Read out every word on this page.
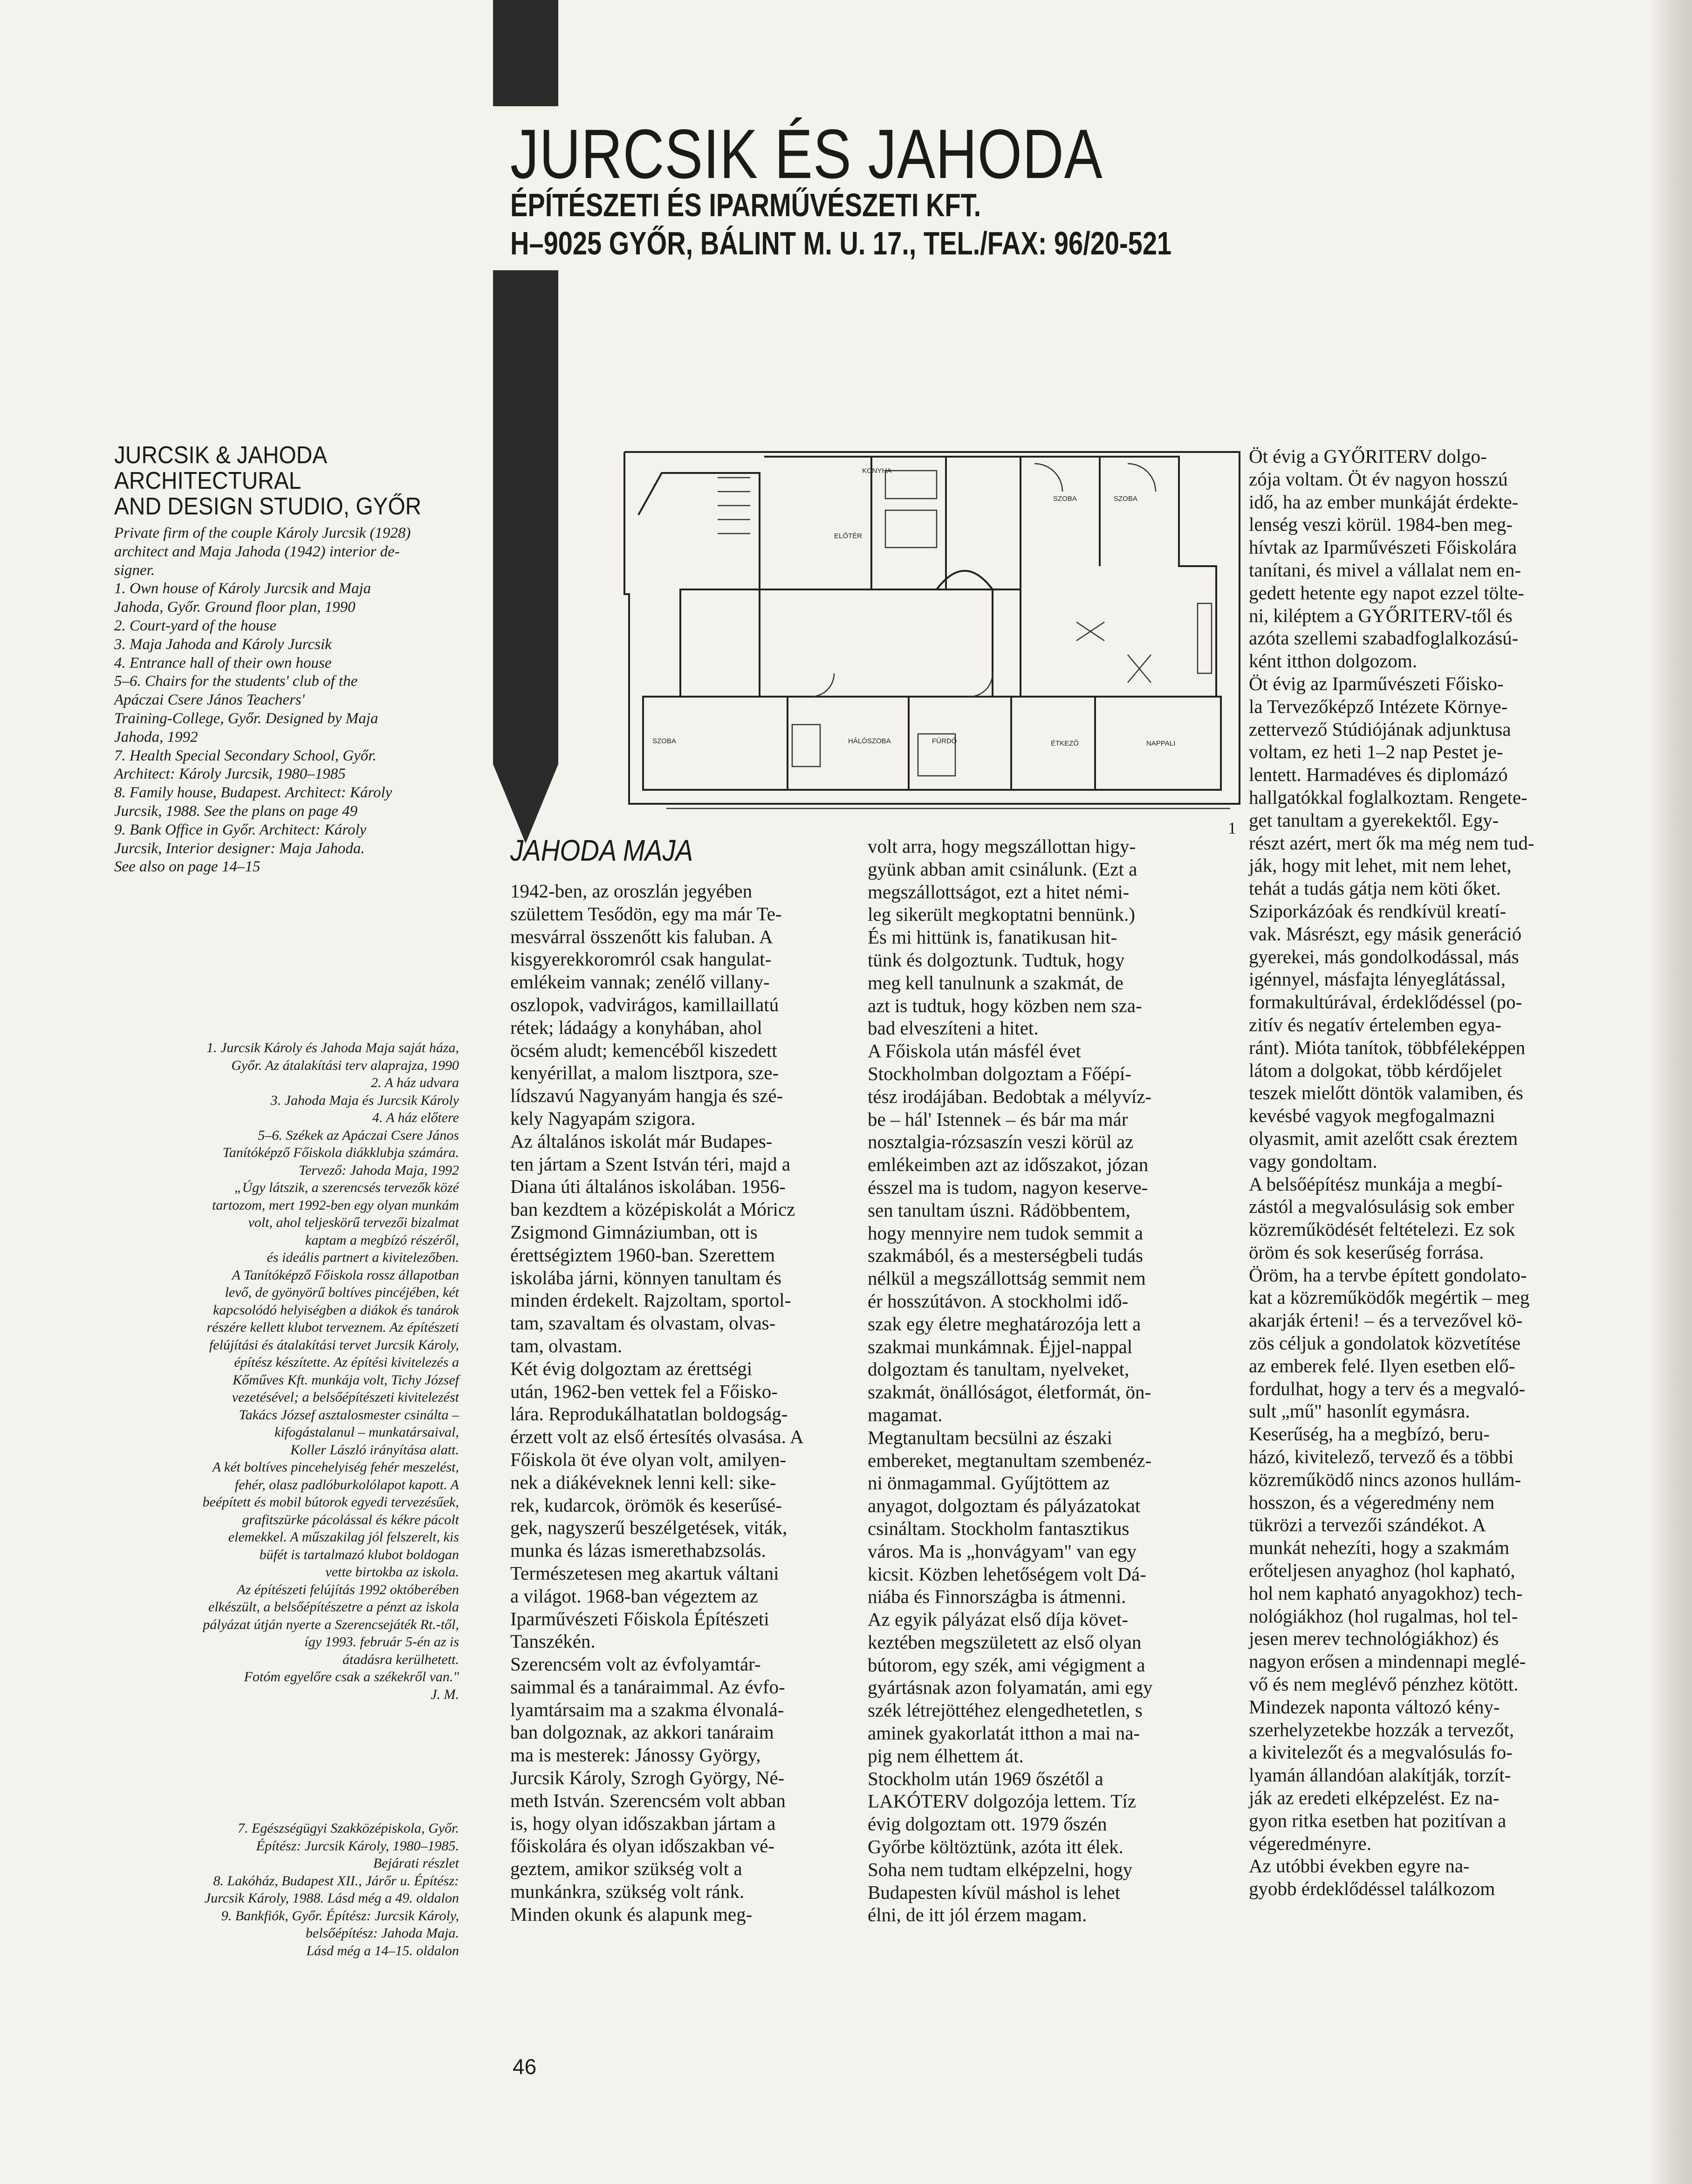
JURCSIK ÉS JAHODA
ÉPÍTÉSZETI ÉS IPARMŰVÉSZETI KFT.
H–9025 GYŐR, BÁLINT M. U. 17., TEL./FAX: 96/20-521
JURCSIK & JAHODA
ARCHITECTURAL
AND DESIGN STUDIO, GYŐR
Private firm of the couple Károly Jurcsik (1928)
architect and Maja Jahoda (1942) interior de-
signer.
1. Own house of Károly Jurcsik and Maja
Jahoda, Győr. Ground floor plan, 1990
2. Court-yard of the house
3. Maja Jahoda and Károly Jurcsik
4. Entrance hall of their own house
5–6. Chairs for the students' club of the
Apáczai Csere János Teachers'
Training-College, Győr. Designed by Maja
Jahoda, 1992
7. Health Special Secondary School, Győr.
Architect: Károly Jurcsik, 1980–1985
8. Family house, Budapest. Architect: Károly
Jurcsik, 1988. See the plans on page 49
9. Bank Office in Győr. Architect: Károly
Jurcsik, Interior designer: Maja Jahoda.
See also on page 14–15
1. Jurcsik Károly és Jahoda Maja saját háza,
Győr. Az átalakítási terv alaprajza, 1990
2. A ház udvara
3. Jahoda Maja és Jurcsik Károly
4. A ház előtere
5–6. Székek az Apáczai Csere János
Tanítóképző Főiskola diákklubja számára.
Tervező: Jahoda Maja, 1992
„Úgy látszik, a szerencsés tervezők közé
tartozom, mert 1992-ben egy olyan munkám
volt, ahol teljeskörű tervezői bizalmat
kaptam a megbízó részéről,
és ideális partnert a kivitelezőben.
A Tanítóképző Főiskola rossz állapotban
levő, de gyönyörű boltíves pincéjében, két
kapcsolódó helyiségben a diákok és tanárok
részére kellett klubot terveznem. Az építészeti
felújítási és átalakítási tervet Jurcsik Károly,
építész készítette. Az építési kivitelezés a
Kőműves Kft. munkája volt, Tichy József
vezetésével; a belsőépítészeti kivitelezést
Takács József asztalosmester csinálta –
kifogástalanul – munkatársaival,
Koller László irányítása alatt.
A két boltíves pincehelyiség fehér meszelést,
fehér, olasz padlóburkolólapot kapott. A
beépített és mobil bútorok egyedi tervezésűek,
grafitszürke pácolással és kékre pácolt
elemekkel. A műszakilag jól felszerelt, kis
büfét is tartalmazó klubot boldogan
vette birtokba az iskola.
Az építészeti felújítás 1992 októberében
elkészült, a belsőépítészetre a pénzt az iskola
pályázat útján nyerte a Szerencsejáték Rt.-től,
így 1993. február 5-én az is
átadásra kerülhetett.
Fotóm egyelőre csak a székekről van."
J. M.
7. Egészségügyi Szakközépiskola, Győr.
Építész: Jurcsik Károly, 1980–1985.
Bejárati részlet
8. Lakóház, Budapest XII., Járőr u. Építész:
Jurcsik Károly, 1988. Lásd még a 49. oldalon
9. Bankfiók, Győr. Építész: Jurcsik Károly,
belsőépítész: Jahoda Maja.
Lásd még a 14–15. oldalon
SZOBA	SZOBA
SZOBA	HÁLÓSZOBA	NAPPALI
ÉTKEZŐ
KONYHA
FÜRDŐ
ELŐTÉR
1
JAHODA MAJA
1942-ben, az oroszlán jegyében
születtem Tesődön, egy ma már Te-
mesvárral összenőtt kis faluban. A
kisgyerekkoromról csak hangulat-
emlékeim vannak; zenélő villany-
oszlopok, vadvirágos, kamillaillatú
rétek; ládaágy a konyhában, ahol
öcsém aludt; kemencéből kiszedett
kenyérillat, a malom lisztpora, sze-
lídszavú Nagyanyám hangja és szé-
kely Nagyapám szigora.
Az általános iskolát már Budapes-
ten jártam a Szent István téri, majd a
Diana úti általános iskolában. 1956-
ban kezdtem a középiskolát a Móricz
Zsigmond Gimnáziumban, ott is
érettségiztem 1960-ban. Szerettem
iskolába járni, könnyen tanultam és
minden érdekelt. Rajzoltam, sportol-
tam, szavaltam és olvastam, olvas-
tam, olvastam.
Két évig dolgoztam az érettségi
után, 1962-ben vettek fel a Főisko-
lára. Reprodukálhatatlan boldogság-
érzett volt az első értesítés olvasása. A
Főiskola öt éve olyan volt, amilyen-
nek a diákéveknek lenni kell: sike-
rek, kudarcok, örömök és keserűsé-
gek, nagyszerű beszélgetések, viták,
munka és lázas ismerethabzsolás.
Természetesen meg akartuk váltani
a világot. 1968-ban végeztem az
Iparművészeti Főiskola Építészeti
Tanszékén.
Szerencsém volt az évfolyamtár-
saimmal és a tanáraimmal. Az évfo-
lyamtársaim ma a szakma élvonalá-
ban dolgoznak, az akkori tanáraim
ma is mesterek: Jánossy György,
Jurcsik Károly, Szrogh György, Né-
meth István. Szerencsém volt abban
is, hogy olyan időszakban jártam a
főiskolára és olyan időszakban vé-
geztem, amikor szükség volt a
munkánkra, szükség volt ránk.
Minden okunk és alapunk meg-
volt arra, hogy megszállottan higy-
gyünk abban amit csinálunk. (Ezt a
megszállottságot, ezt a hitet némi-
leg sikerült megkoptatni bennünk.)
És mi hittünk is, fanatikusan hit-
tünk és dolgoztunk. Tudtuk, hogy
meg kell tanulnunk a szakmát, de
azt is tudtuk, hogy közben nem sza-
bad elveszíteni a hitet.
A Főiskola után másfél évet
Stockholmban dolgoztam a Főépí-
tész irodájában. Bedobtak a mélyvíz-
be – hál' Istennek – és bár ma már
nosztalgia-rózsaszín veszi körül az
emlékeimben azt az időszakot, józan
ésszel ma is tudom, nagyon keserve-
sen tanultam úszni. Rádöbbentem,
hogy mennyire nem tudok semmit a
szakmából, és a mesterségbeli tudás
nélkül a megszállottság semmit nem
ér hosszútávon. A stockholmi idő-
szak egy életre meghatározója lett a
szakmai munkámnak. Éjjel-nappal
dolgoztam és tanultam, nyelveket,
szakmát, önállóságot, életformát, ön-
magamat.
Megtanultam becsülni az északi
embereket, megtanultam szembenéz-
ni önmagammal. Gyűjtöttem az
anyagot, dolgoztam és pályázatokat
csináltam. Stockholm fantasztikus
város. Ma is „honvágyam" van egy
kicsit. Közben lehetőségem volt Dá-
niába és Finnországba is átmenni.
Az egyik pályázat első díja követ-
keztében megszületett az első olyan
bútorom, egy szék, ami végigment a
gyártásnak azon folyamatán, ami egy
szék létrejöttéhez elengedhetetlen, s
aminek gyakorlatát itthon a mai na-
pig nem élhettem át.
Stockholm után 1969 őszétől a
LAKÓTERV dolgozója lettem. Tíz
évig dolgoztam ott. 1979 őszén
Győrbe költöztünk, azóta itt élek.
Soha nem tudtam elképzelni, hogy
Budapesten kívül máshol is lehet
élni, de itt jól érzem magam.
Öt évig a GYŐRITERV dolgo-
zója voltam. Öt év nagyon hosszú
idő, ha az ember munkáját érdekte-
lenség veszi körül. 1984-ben meg-
hívtak az Iparművészeti Főiskolára
tanítani, és mivel a vállalat nem en-
gedett hetente egy napot ezzel tölte-
ni, kiléptem a GYŐRITERV-től és
azóta szellemi szabadfoglalkozású-
ként itthon dolgozom.
Öt évig az Iparművészeti Főisko-
la Tervezőképző Intézete Környe-
zettervező Stúdiójának adjunktusa
voltam, ez heti 1–2 nap Pestet je-
lentett. Harmadéves és diplomázó
hallgatókkal foglalkoztam. Rengete-
get tanultam a gyerekektől. Egy-
részt azért, mert ők ma még nem tud-
ják, hogy mit lehet, mit nem lehet,
tehát a tudás gátja nem köti őket.
Sziporkázóak és rendkívül kreatí-
vak. Másrészt, egy másik generáció
gyerekei, más gondolkodással, más
igénnyel, másfajta lényeglátással,
formakultúrával, érdeklődéssel (po-
zitív és negatív értelemben egya-
ránt). Mióta tanítok, többféleképpen
látom a dolgokat, több kérdőjelet
teszek mielőtt döntök valamiben, és
kevésbé vagyok megfogalmazni
olyasmit, amit azelőtt csak éreztem
vagy gondoltam.
A belsőépítész munkája a megbí-
zástól a megvalósulásig sok ember
közreműködését feltételezi. Ez sok
öröm és sok keserűség forrása.
Öröm, ha a tervbe épített gondolato-
kat a közreműködők megértik – meg
akarják érteni! – és a tervezővel kö-
zös céljuk a gondolatok közvetítése
az emberek felé. Ilyen esetben elő-
fordulhat, hogy a terv és a megvaló-
sult „mű" hasonlít egymásra.
Keserűség, ha a megbízó, beru-
házó, kivitelező, tervező és a többi
közreműködő nincs azonos hullám-
hosszon, és a végeredmény nem
tükrözi a tervezői szándékot. A
munkát nehezíti, hogy a szakmám
erőteljesen anyaghoz (hol kapható,
hol nem kapható anyagokhoz) tech-
nológiákhoz (hol rugalmas, hol tel-
jesen merev technológiákhoz) és
nagyon erősen a mindennapi meglé-
vő és nem meglévő pénzhez kötött.
Mindezek naponta változó kény-
szerhelyzetekbe hozzák a tervezőt,
a kivitelezőt és a megvalósulás fo-
lyamán állandóan alakítják, torzít-
ják az eredeti elképzelést. Ez na-
gyon ritka esetben hat pozitívan a
végeredményre.
Az utóbbi években egyre na-
gyobb érdeklődéssel találkozom
46
